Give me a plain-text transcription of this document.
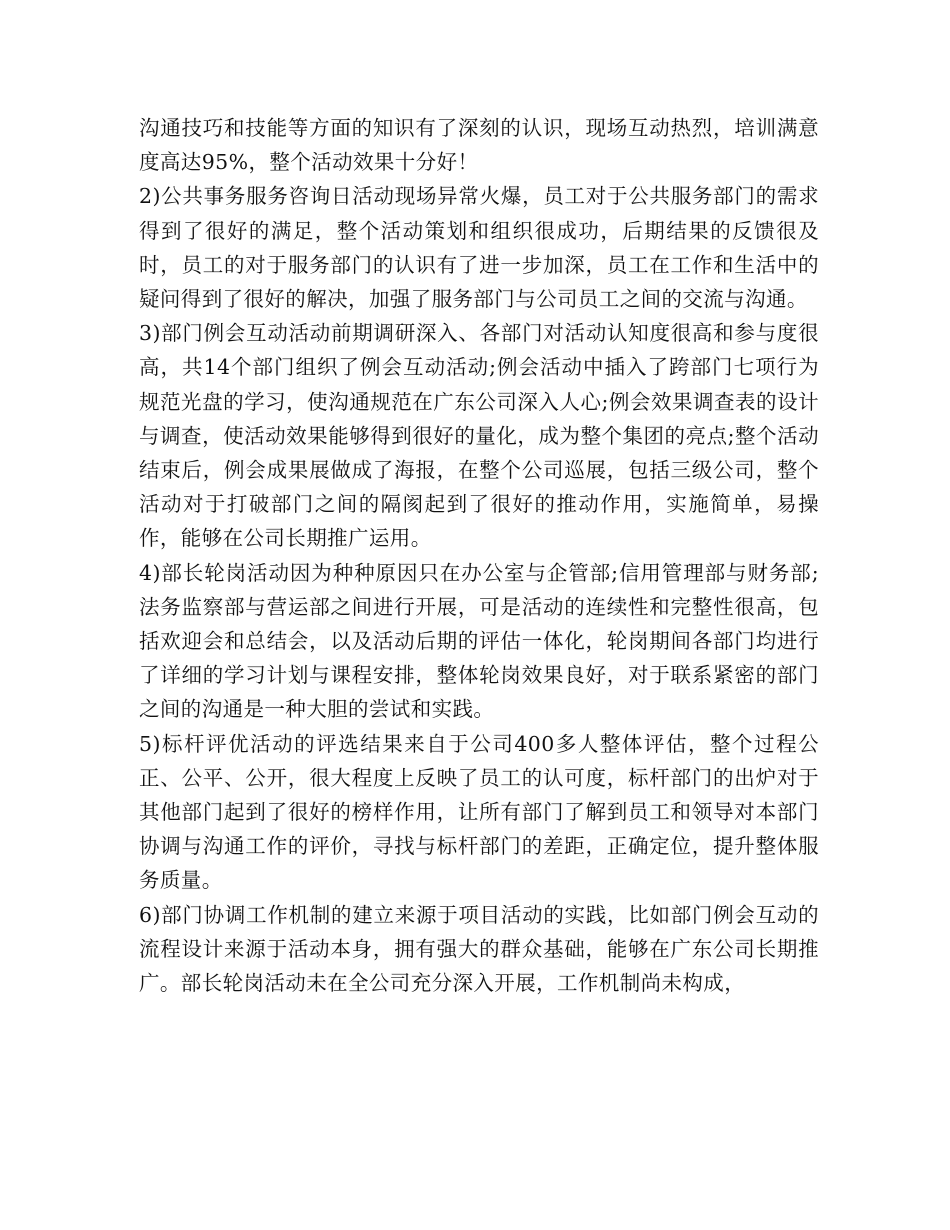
沟通技巧和技能等方面的知识有了深刻的认识，现场互动热烈，培训满意度高达95%，整个活动效果十分好！

2)公共事务服务咨询日活动现场异常火爆，员工对于公共服务部门的需求得到了很好的满足，整个活动策划和组织很成功，后期结果的反馈很及时，员工的对于服务部门的认识有了进一步加深，员工在工作和生活中的疑问得到了很好的解决，加强了服务部门与公司员工之间的交流与沟通。

3)部门例会互动活动前期调研深入、各部门对活动认知度很高和参与度很高，共14个部门组织了例会互动活动;例会活动中插入了跨部门七项行为规范光盘的学习，使沟通规范在广东公司深入人心;例会效果调查表的设计与调查，使活动效果能够得到很好的量化，成为整个集团的亮点;整个活动结束后，例会成果展做成了海报，在整个公司巡展，包括三级公司，整个活动对于打破部门之间的隔阂起到了很好的推动作用，实施简单，易操作，能够在公司长期推广运用。

4)部长轮岗活动因为种种原因只在办公室与企管部;信用管理部与财务部;法务监察部与营运部之间进行开展，可是活动的连续性和完整性很高，包括欢迎会和总结会，以及活动后期的评估一体化，轮岗期间各部门均进行了详细的学习计划与课程安排，整体轮岗效果良好，对于联系紧密的部门之间的沟通是一种大胆的尝试和实践。

5)标杆评优活动的评选结果来自于公司400多人整体评估，整个过程公正、公平、公开，很大程度上反映了员工的认可度，标杆部门的出炉对于其他部门起到了很好的榜样作用，让所有部门了解到员工和领导对本部门协调与沟通工作的评价，寻找与标杆部门的差距，正确定位，提升整体服务质量。

6)部门协调工作机制的建立来源于项目活动的实践，比如部门例会互动的流程设计来源于活动本身，拥有强大的群众基础，能够在广东公司长期推广。部长轮岗活动未在全公司充分深入开展，工作机制尚未构成，
